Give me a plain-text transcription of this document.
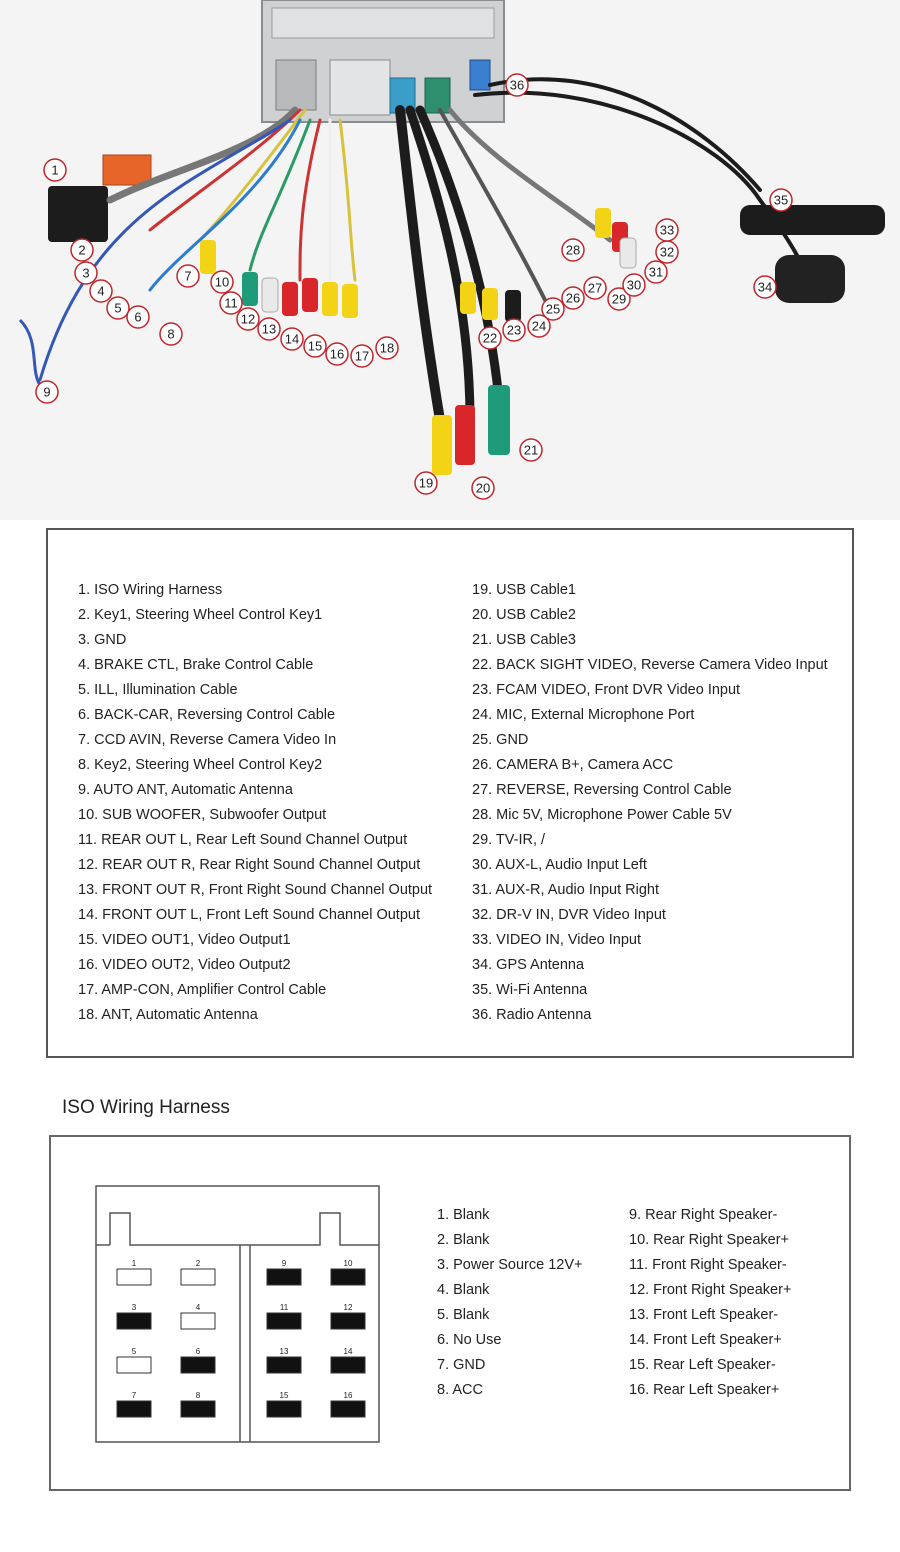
1
2
3
4
5
6
7
8
9
10
11
12
13
14 15
16 17
18
19	20
21
22
23 24
25
26
27
28
29
30
31
32
33
34
35
36
1. ISO Wiring Harness
2. Key1, Steering Wheel Control Key1
3. GND
4. BRAKE CTL, Brake Control Cable
5. ILL, Illumination Cable
6. BACK-CAR, Reversing Control Cable
7. CCD AVIN, Reverse Camera Video In
8. Key2, Steering Wheel Control Key2
9. AUTO ANT, Automatic Antenna
10. SUB WOOFER, Subwoofer Output
11. REAR OUT L, Rear Left Sound Channel Output
12. REAR OUT R, Rear Right Sound Channel Output
13. FRONT OUT R, Front Right Sound Channel Output
14. FRONT OUT L, Front Left Sound Channel Output
15. VIDEO OUT1, Video Output1
16. VIDEO OUT2, Video Output2
17. AMP-CON, Amplifier Control Cable
18. ANT, Automatic Antenna
19. USB Cable1
20. USB Cable2
21. USB Cable3
22. BACK SIGHT VIDEO, Reverse Camera Video Input
23. FCAM VIDEO, Front DVR Video Input
24. MIC, External Microphone Port
25. GND
26. CAMERA B+, Camera ACC
27. REVERSE, Reversing Control Cable
28. Mic 5V, Microphone Power Cable 5V
29. TV-IR, /
30. AUX-L, Audio Input Left
31. AUX-R, Audio Input Right
32. DR-V IN, DVR Video Input
33. VIDEO IN, Video Input
34. GPS Antenna
35. Wi-Fi Antenna
36. Radio Antenna
ISO Wiring Harness
1	2
3	4
5	6
7	8
9	10
11	12
13	14
15	16
1. Blank
2. Blank
3. Power Source 12V+
4. Blank
5. Blank
6. No Use
7. GND
8. ACC
9. Rear Right Speaker-
10. Rear Right Speaker+
11. Front Right Speaker-
12. Front Right Speaker+
13. Front Left Speaker-
14. Front Left Speaker+
15. Rear Left Speaker-
16. Rear Left Speaker+
